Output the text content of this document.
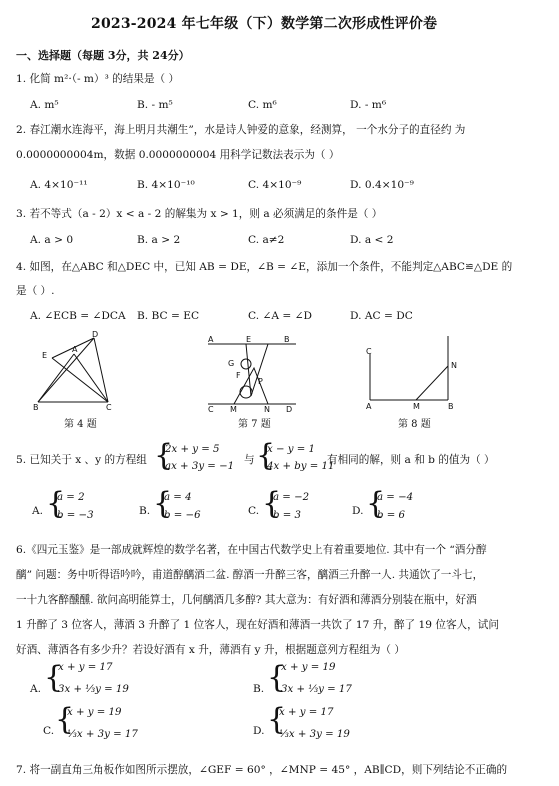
2023-2024 年七年级（下）数学第二次形成性评价卷
一、选择题（每题 3分，共 24分）
1. 化简 m²·（- m）³ 的结果是（ ）
A. m⁵	B. - m⁵	C. m⁶	D. - m⁶
2. 春江潮水连海平，海上明月共潮生”，水是诗人钟爱的意象，经测算， 一个水分子的直径约 为
0.0000000004m，数据 0.0000000004 用科学记数法表示为（ ）
A. 4×10⁻¹¹	B. 4×10⁻¹⁰	C. 4×10⁻⁹	D. 0.4×10⁻⁹
3. 若不等式（a - 2）x < a - 2 的解集为 x > 1，则 a 必须满足的条件是（ ）
A. a > 0	B. a > 2	C. a≠2	D. a < 2
4. 如图，在△ABC 和△DEC 中，已知 AB = DE，∠B = ∠E，添加一个条件，不能判定△ABC≌△DE 的
是（ ）.
A. ∠ECB = ∠DCA B. BC = EC	C. ∠A = ∠D	D. AC = DC
D
E
B	C
A
第 4 题
A	E	B
G
F
P
C M	N D
第 7 题
C
N
A	M	B
第 8 题
5. 已知关于 x 、y 的方程组 {
2x + y = 5
ax + 3y = −1
与 {
x − y = 1
4x + by = 11
有相同的解，则 a 和 b 的值为（ ）
A. {
a = 2
b = −3	B. {
a = 4
b = −6	C. {
a = −2
b = 3	D. {
a = −4
b = 6
6.《四元玉鉴》是一部成就辉煌的数学名著，在中国古代数学史上有着重要地位. 其中有一个 “酒分醇
醨” 问题：务中听得语吟吟，甫道醇醨酒二盆. 醇酒一升醉三客，醨酒三升醉一人. 共通饮了一斗七，
一十九客醉醺醺. 欲问高明能算士，几何醨酒几多醇? 其大意为：有好酒和薄酒分别装在瓶中，好酒
1 升醉了 3 位客人，薄酒 3 升醉了 1 位客人，现在好酒和薄酒一共饮了 17 升，醉了 19 位客人，试问
好酒、薄酒各有多少升？若设好酒有 x 升，薄酒有 y 升，根据题意列方程组为（ ）
A. {
x + y = 17
3x + ⅓y = 19	B. {
x + y = 19
3x + ⅓y = 17
C. {
x + y = 19
⅓x + 3y = 17	D. {
x + y = 17
⅓x + 3y = 19
7. 将一副直角三角板作如图所示摆放，∠GEF = 60° ，∠MNP = 45° ，AB∥CD，则下列结论不正确的
